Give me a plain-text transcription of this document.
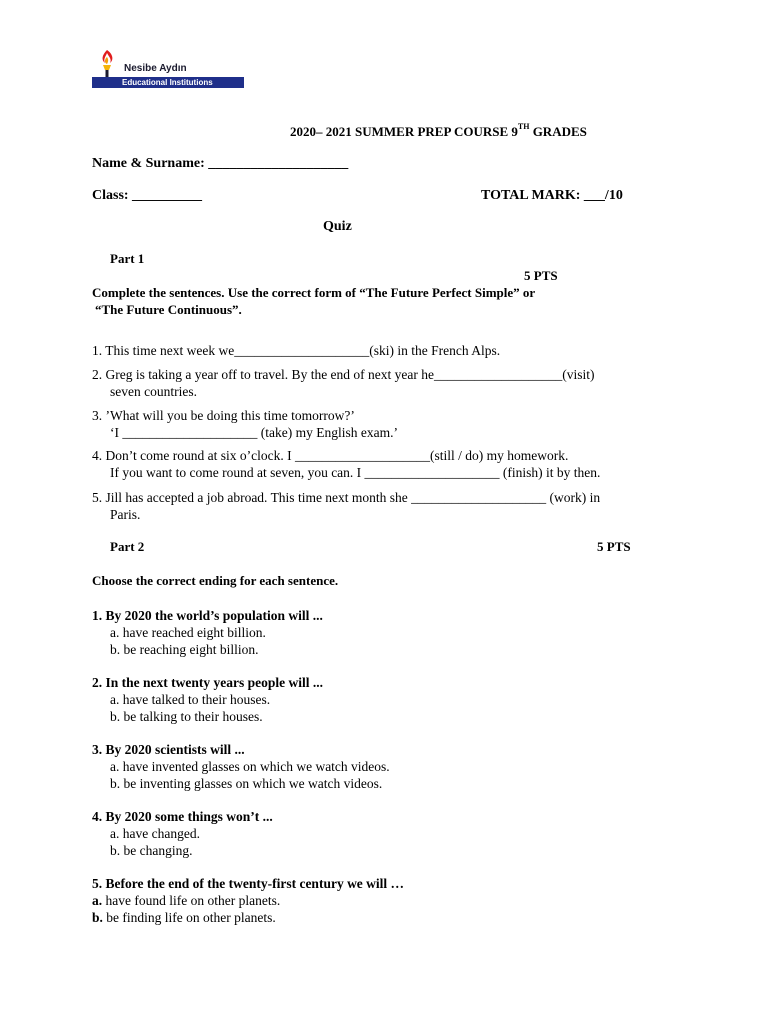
Nesibe Aydın
Educational Institutions
2020– 2021 SUMMER PREP COURSE 9TH GRADES
Name & Surname: ____________________
Class: __________	TOTAL MARK: ___/10
Quiz
Part 1
5 PTS
Complete the sentences. Use the correct form of “The Future Perfect Simple” or
“The Future Continuous”.
1. This time next week we____________________(ski) in the French Alps.
2. Greg is taking a year off to travel. By the end of next year he___________________(visit)
seven countries.
3. ’What will you be doing this time tomorrow?’
‘I ____________________ (take) my English exam.’
4. Don’t come round at six o’clock. I ____________________(still / do) my homework.
If you want to come round at seven, you can. I ____________________ (finish) it by then.
5. Jill has accepted a job abroad. This time next month she ____________________ (work) in
Paris.
Part 2	5 PTS
Choose the correct ending for each sentence.
1. By 2020 the world’s population will ...
a. have reached eight billion.
b. be reaching eight billion.
2. In the next twenty years people will ...
a. have talked to their houses.
b. be talking to their houses.
3. By 2020 scientists will ...
a. have invented glasses on which we watch videos.
b. be inventing glasses on which we watch videos.
4. By 2020 some things won’t ...
a. have changed.
b. be changing.
5. Before the end of the twenty-first century we will …
a. have found life on other planets.
b. be finding life on other planets.
